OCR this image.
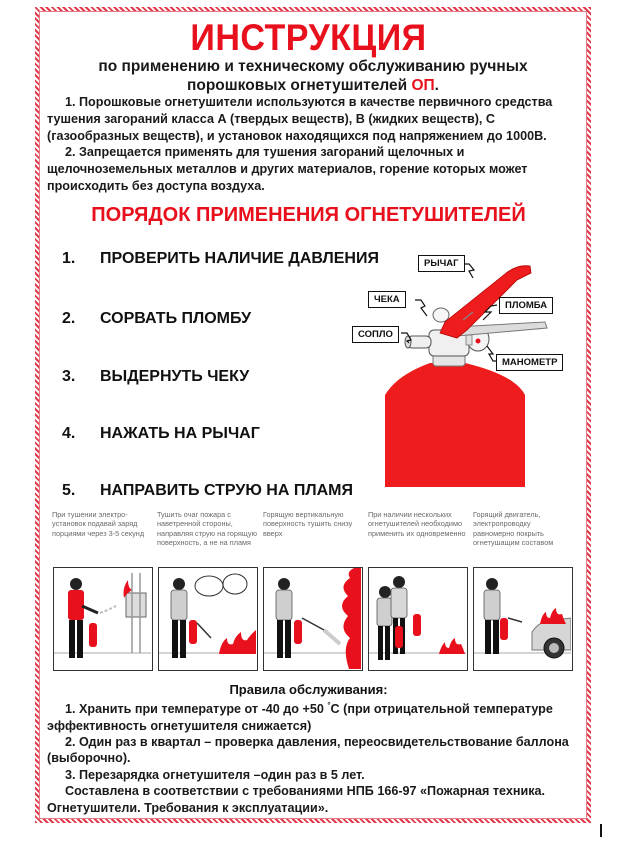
ИНСТРУКЦИЯ
по применению и техническому обслуживанию ручных
порошковых огнетушителей ОП.

1. Порошковые огнетушители используются в качестве первичного средства

тушения загораний класса А (твердых веществ), В (жидких веществ), С

(газообразных веществ), и установок находящихся под напряжением до 1000В.

2. Запрещается применять для тушения загораний щелочных и

щелочноземельных металлов и других материалов, горение которых может

происходить без доступа воздуха.

ПОРЯДОК ПРИМЕНЕНИЯ ОГНЕТУШИТЕЛЕЙ
1. ПРОВЕРИТЬ НАЛИЧИЕ ДАВЛЕНИЯ
2. СОРВАТЬ ПЛОМБУ
3. ВЫДЕРНУТЬ ЧЕКУ
4. НАЖАТЬ НА РЫЧАГ
5. НАПРАВИТЬ СТРУЮ НА ПЛАМЯ
РЫЧАГ
ЧЕКА
ПЛОМБА
СОПЛО
МАНОМЕТР
При тушении электро-установок подавай заряд порциями через 3-5 секунд
Тушить очаг пожара с наветренной стороны, направляя струю на горящую поверхность, а не на пламя
Горящую вертикальную поверхность тушить снизу вверх
При наличии нескольких огнетушителей необходимо применить их одновременно
Горящий двигатель, электропроводку равномерно покрыть огнетушащим составом
Правила обслуживания:

1. Хранить при температуре от -40 до +50 °С (при отрицательной температуре

эффективность огнетушителя снижается)

2. Один раз в квартал – проверка давления, переосвидетельствование баллона

(выборочно).

3. Перезарядка огнетушителя –один раз в 5 лет.

Составлена в соответствии с требованиями НПБ 166-97 «Пожарная техника.

Огнетушители. Требования к эксплуатации».
